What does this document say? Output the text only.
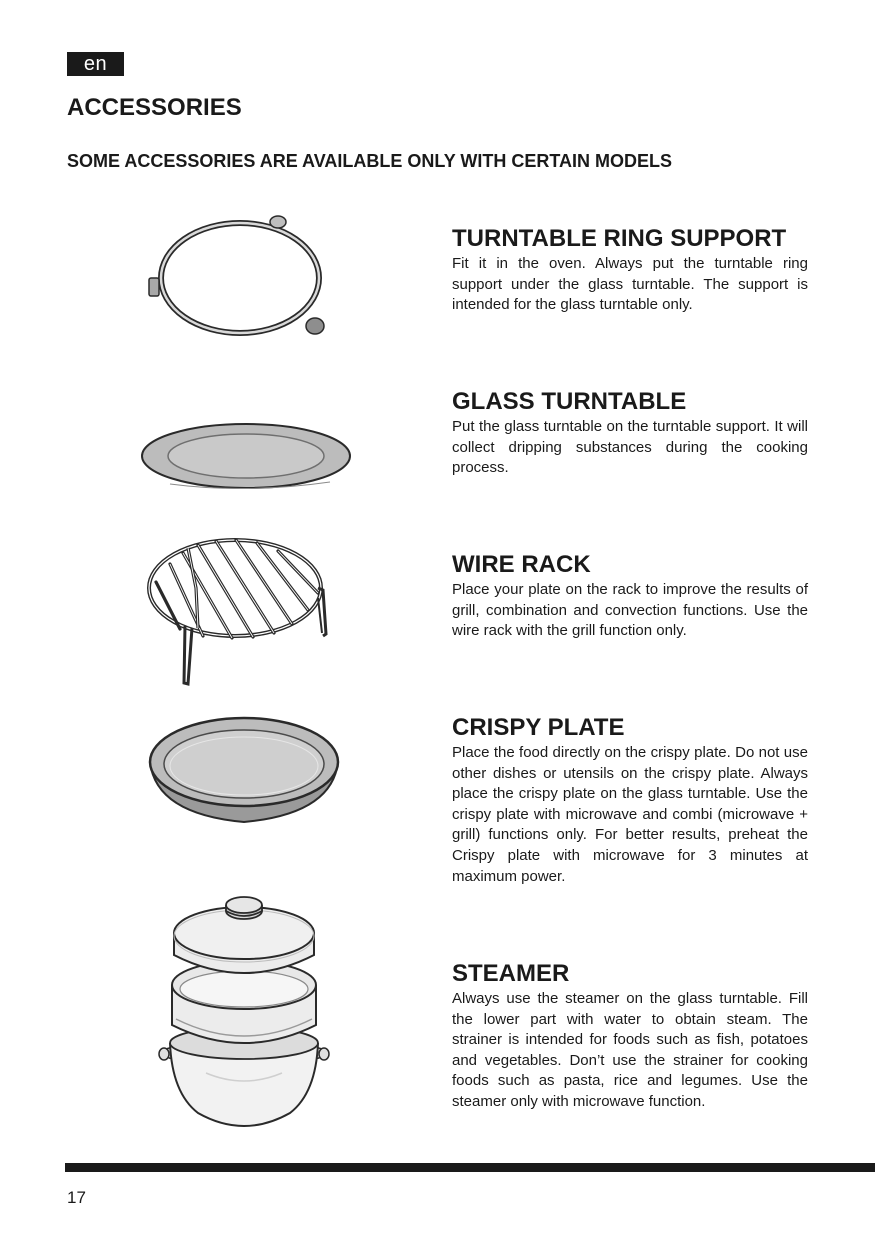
en
ACCESSORIES
SOME ACCESSORIES ARE AVAILABLE ONLY WITH CERTAIN MODELS
TURNTABLE RING SUPPORT

Fit it in the oven. Always put the turntable ring support under the glass turntable. The support is intended for the glass turntable only.

GLASS TURNTABLE

Put the glass turntable on the turntable support. It will collect dripping substances during the cooking process.

WIRE RACK

Place your plate on the rack to improve the results of grill, combination and convection functions. Use the wire rack with the grill function only.

CRISPY PLATE

Place the food directly on the crispy plate. Do not use other dishes or utensils on the crispy plate. Always place the crispy plate on the glass turntable. Use the crispy plate with microwave and combi (microwave + grill) functions only. For better results, preheat the Crispy plate with microwave for 3 minutes at maximum power.

STEAMER

Always use the steamer on the glass turntable. Fill the lower part with water to obtain steam. The strainer is intended for foods such as fish, potatoes and vegetables. Don’t use the strainer for cooking foods such as pasta, rice and legumes. Use the steamer only with microwave function.

17
